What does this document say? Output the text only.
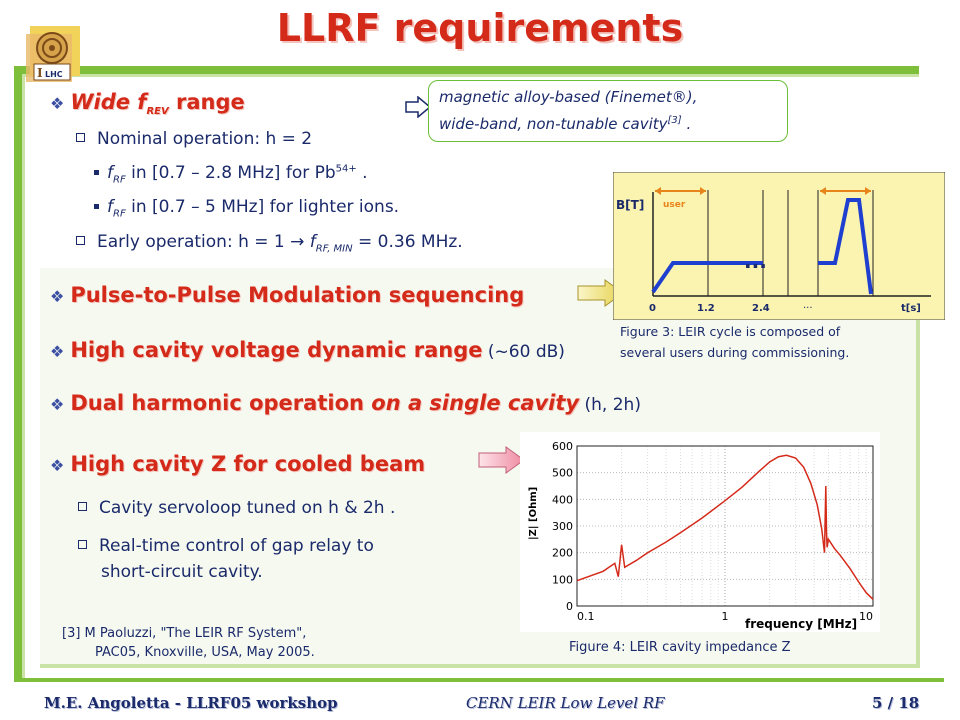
I LHC
LLRF requirements
❖ Wide $f_{REV}$ range
Nominal operation: h = 2
$f_{RF}$ in [0.7 – 2.8 MHz] for $Pb^{54+}$ .
$f_{RF}$ in [0.7 – 5 MHz] for lighter ions.
Early operation: $h = 1 \to f_{RF, MIN} = 0.36$ MHz.
❖ Pulse-to-Pulse Modulation sequencing
❖ High cavity voltage dynamic range (~60 dB)
❖ Dual harmonic operation on a single cavity (h, 2h)
❖ High cavity Z for cooled beam
Cavity servoloop tuned on h & 2h .
Real-time control of gap relay to
short-circuit cavity.
magnetic alloy-based (Finemet®),
wide-band, non-tunable cavity[3] .
B[T] user
...
0	1.2	2.4	...	t[s]
Figure 3: LEIR cycle is composed of
several users during commissioning.
0
100
200
300
400
500
600
0.1	1	10
|Z| [Ohm]
frequency [MHz]
Figure 4: LEIR cavity impedance Z
[3] M Paoluzzi, "The LEIR RF System",
PAC05, Knoxville, USA, May 2005.
M.E. Angoletta - LLRF05 workshop	CERN LEIR Low Level RF	5 / 18
